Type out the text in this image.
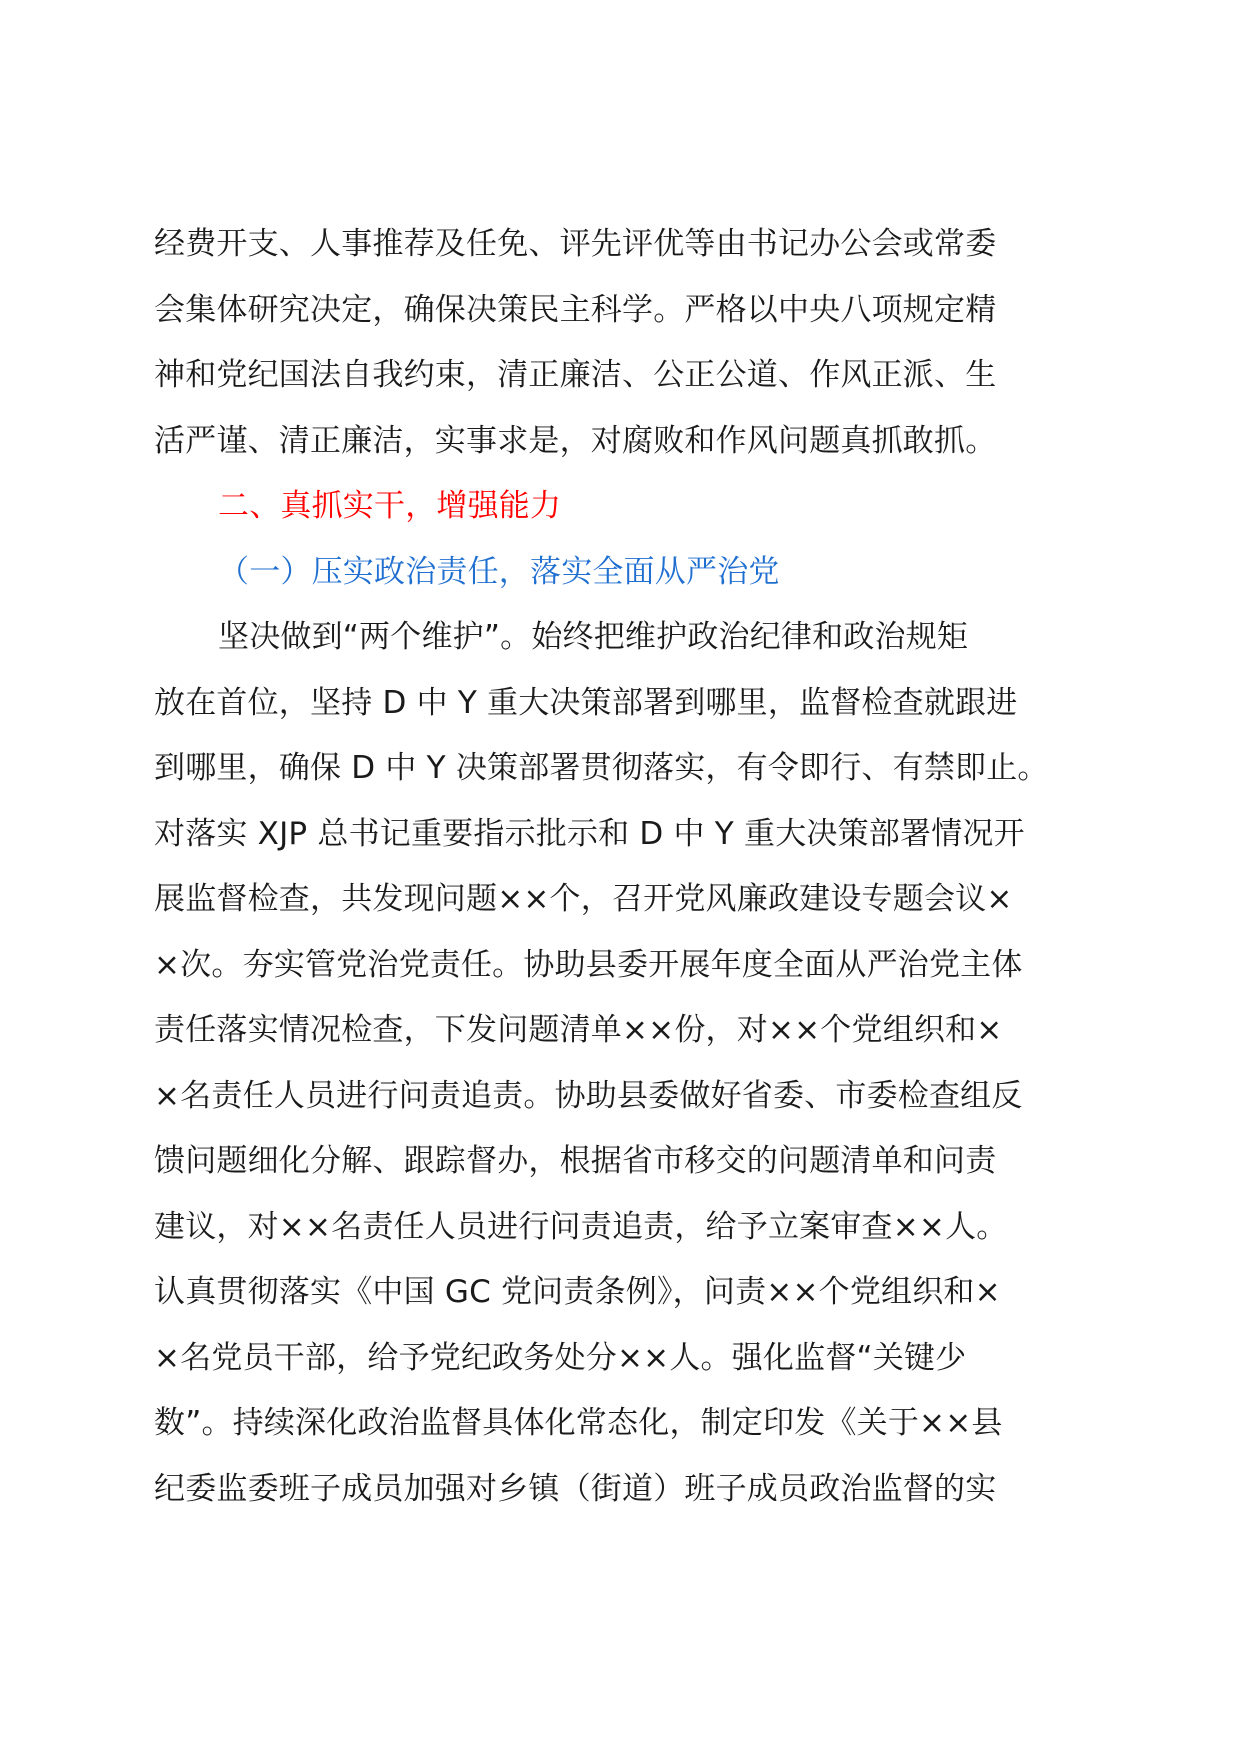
经费开支、人事推荐及任免、评先评优等由书记办公会或常委
会集体研究决定，确保决策民主科学。严格以中央八项规定精
神和党纪国法自我约束，清正廉洁、公正公道、作风正派、生
活严谨、清正廉洁，实事求是，对腐败和作风问题真抓敢抓。
二、真抓实干，增强能力
（一）压实政治责任，落实全面从严治党
坚决做到“两个维护”。始终把维护政治纪律和政治规矩
放在首位，坚持 D 中 Y 重大决策部署到哪里，监督检查就跟进
到哪里，确保 D 中 Y 决策部署贯彻落实，有令即行、有禁即止。
对落实 XJP 总书记重要指示批示和 D 中 Y 重大决策部署情况开
展监督检查，共发现问题××个，召开党风廉政建设专题会议×
×次。夯实管党治党责任。协助县委开展年度全面从严治党主体
责任落实情况检查，下发问题清单××份，对××个党组织和×
×名责任人员进行问责追责。协助县委做好省委、市委检查组反
馈问题细化分解、跟踪督办，根据省市移交的问题清单和问责
建议，对××名责任人员进行问责追责，给予立案审查××人。
认真贯彻落实《中国 GC 党问责条例》，问责××个党组织和×
×名党员干部，给予党纪政务处分××人。强化监督“关键少
数”。持续深化政治监督具体化常态化，制定印发《关于××县
纪委监委班子成员加强对乡镇（街道）班子成员政治监督的实
